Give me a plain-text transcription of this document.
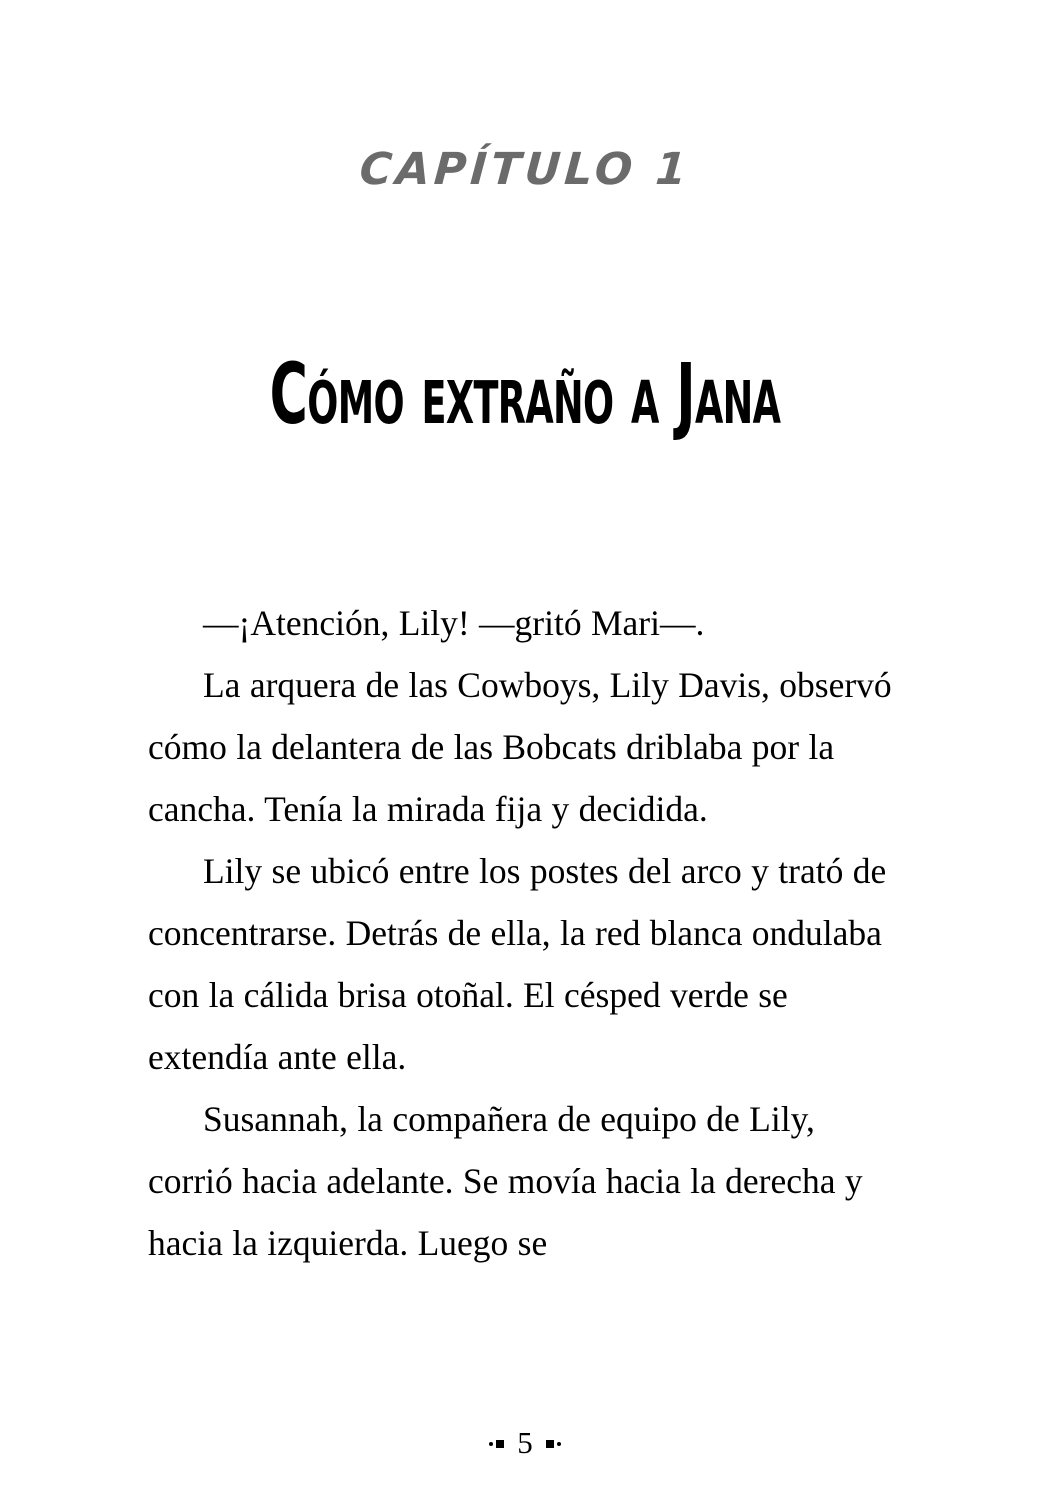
CAPÍTULO 1
Cómo extraño a Jana

—¡Atención, Lily! —gritó Mari—.

La arquera de las Cowboys, Lily Davis, observó cómo la delantera de las Bobcats driblaba por la cancha. Tenía la mirada fija y decidida.

Lily se ubicó entre los postes del arco y trató de concentrarse. Detrás de ella, la red blanca ondulaba con la cálida brisa otoñal. El césped verde se extendía ante ella.

Susannah, la compañera de equipo de Lily, corrió hacia adelante. Se movía hacia la derecha y hacia la izquierda. Luego se

5
